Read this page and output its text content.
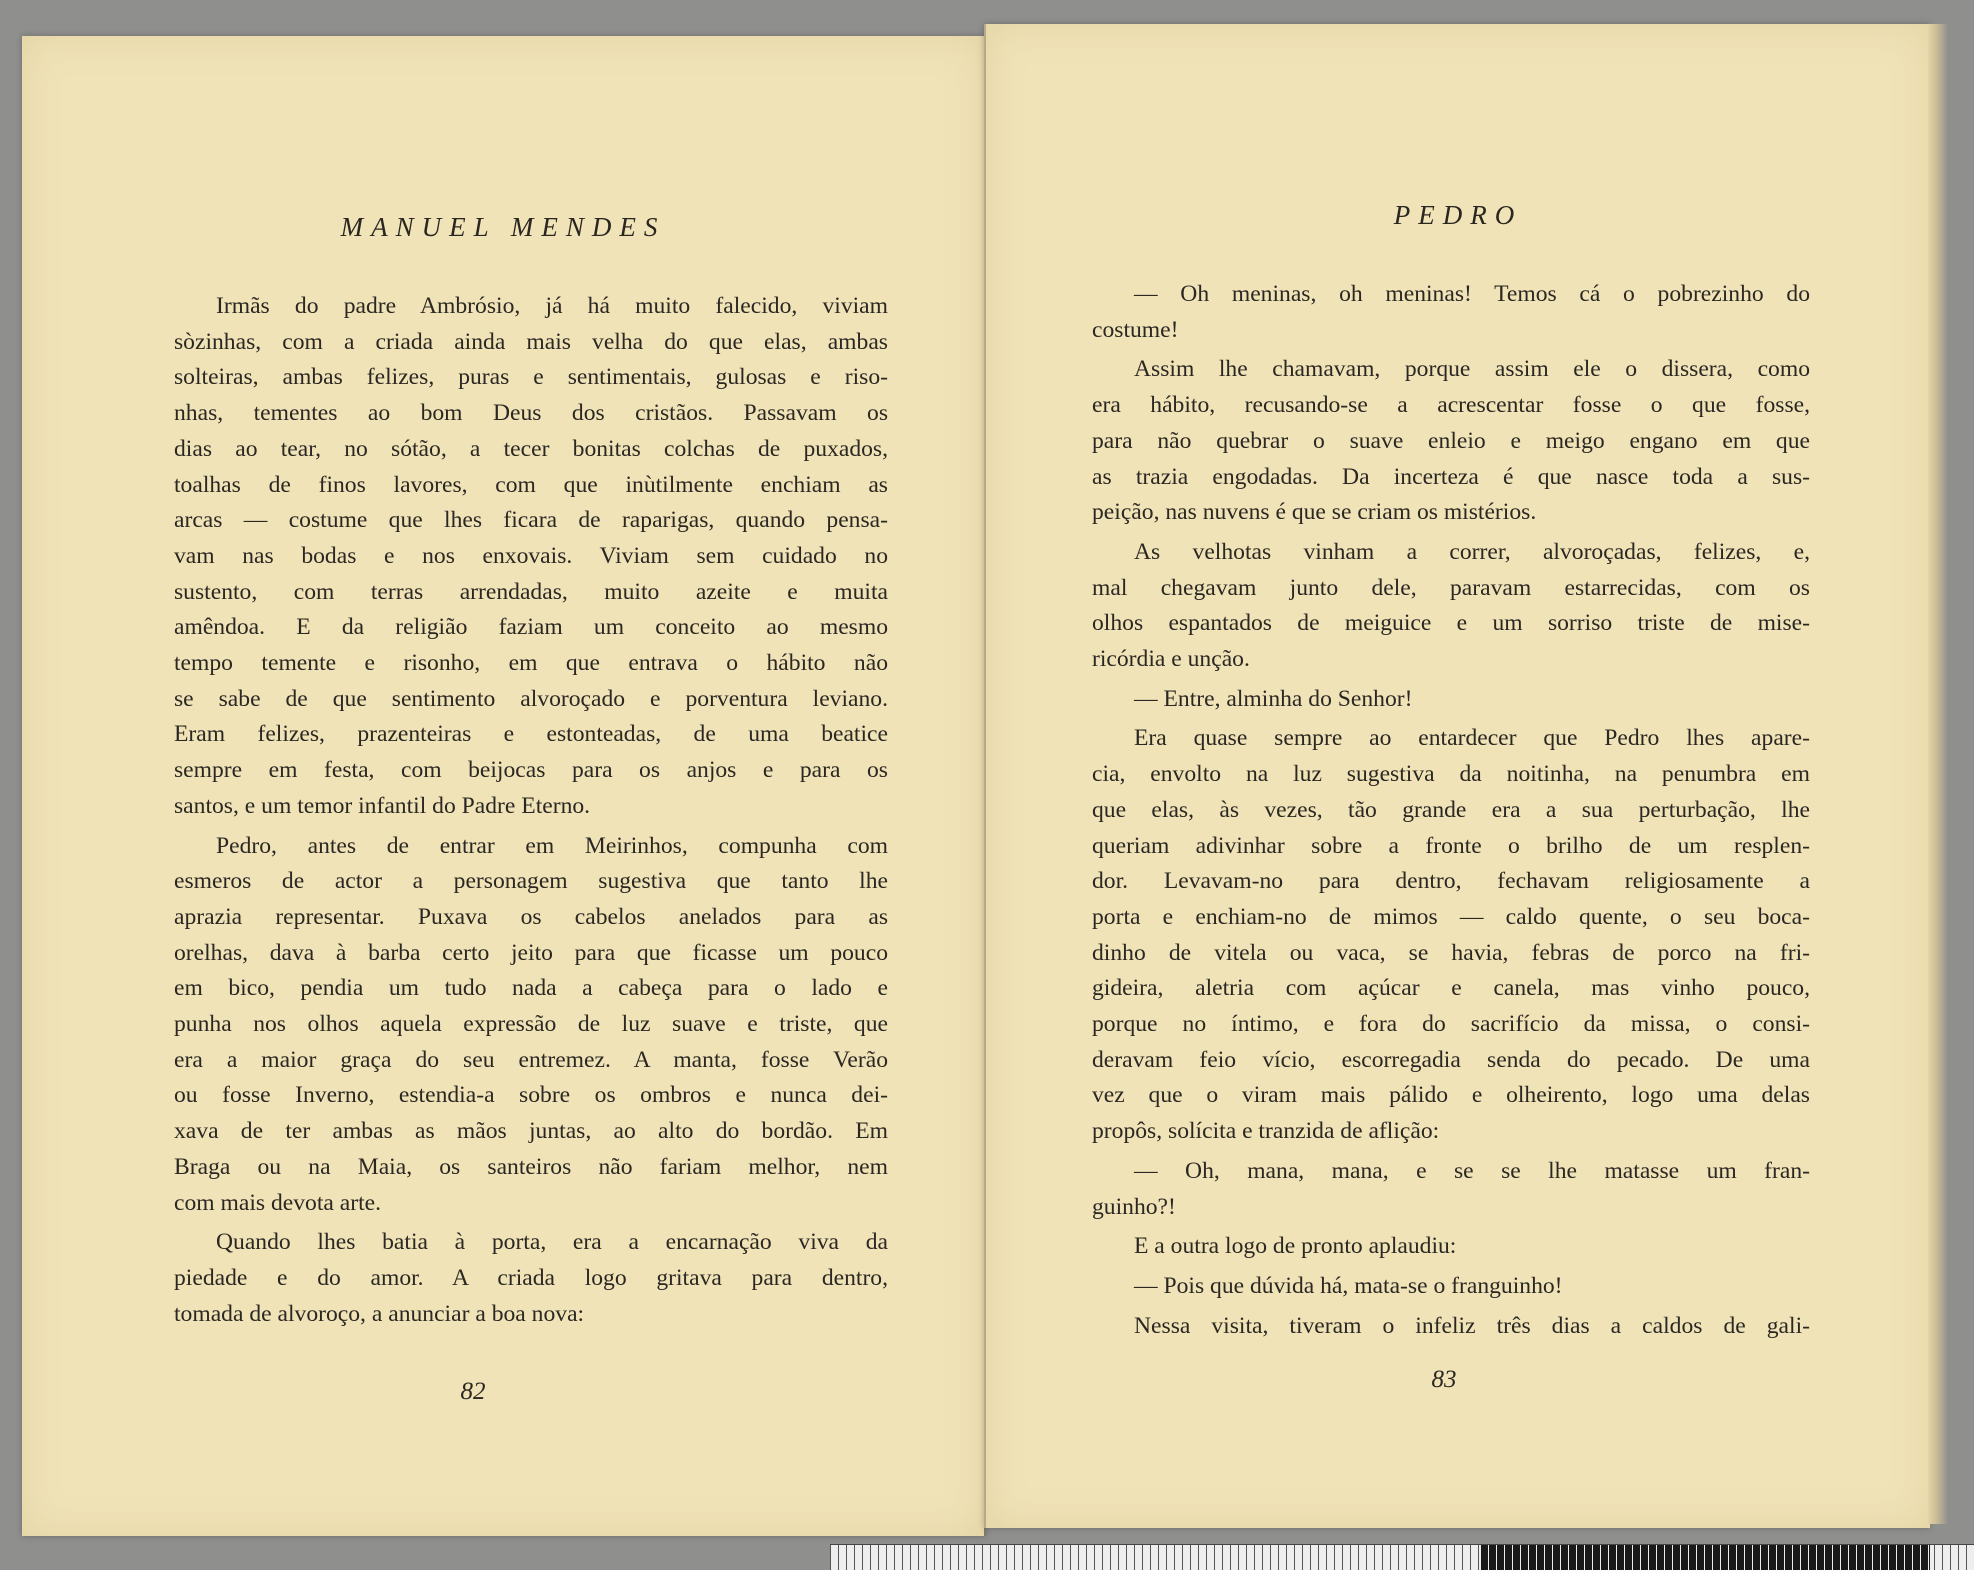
MANUEL MENDES

Irmãs do padre Ambrósio, já há muito falecido, viviam
sòzinhas, com a criada ainda mais velha do que elas, ambas
solteiras, ambas felizes, puras e sentimentais, gulosas e riso-
nhas, tementes ao bom Deus dos cristãos. Passavam os
dias ao tear, no sótão, a tecer bonitas colchas de puxados,
toalhas de finos lavores, com que inùtilmente enchiam as
arcas — costume que lhes ficara de raparigas, quando pensa-
vam nas bodas e nos enxovais. Viviam sem cuidado no
sustento, com terras arrendadas, muito azeite e muita
amêndoa. E da religião faziam um conceito ao mesmo
tempo temente e risonho, em que entrava o hábito não
se sabe de que sentimento alvoroçado e porventura leviano.
Eram felizes, prazenteiras e estonteadas, de uma beatice
sempre em festa, com beijocas para os anjos e para os
santos, e um temor infantil do Padre Eterno.

Pedro, antes de entrar em Meirinhos, compunha com
esmeros de actor a personagem sugestiva que tanto lhe
aprazia representar. Puxava os cabelos anelados para as
orelhas, dava à barba certo jeito para que ficasse um pouco
em bico, pendia um tudo nada a cabeça para o lado e
punha nos olhos aquela expressão de luz suave e triste, que
era a maior graça do seu entremez. A manta, fosse Verão
ou fosse Inverno, estendia-a sobre os ombros e nunca dei-
xava de ter ambas as mãos juntas, ao alto do bordão. Em
Braga ou na Maia, os santeiros não fariam melhor, nem
com mais devota arte.

Quando lhes batia à porta, era a encarnação viva da
piedade e do amor. A criada logo gritava para dentro,
tomada de alvoroço, a anunciar a boa nova:

82
PEDRO

— Oh meninas, oh meninas! Temos cá o pobrezinho do
costume!

Assim lhe chamavam, porque assim ele o dissera, como
era hábito, recusando-se a acrescentar fosse o que fosse,
para não quebrar o suave enleio e meigo engano em que
as trazia engodadas. Da incerteza é que nasce toda a sus-
peição, nas nuvens é que se criam os mistérios.

As velhotas vinham a correr, alvoroçadas, felizes, e,
mal chegavam junto dele, paravam estarrecidas, com os
olhos espantados de meiguice e um sorriso triste de mise-
ricórdia e unção.

— Entre, alminha do Senhor!

Era quase sempre ao entardecer que Pedro lhes apare-
cia, envolto na luz sugestiva da noitinha, na penumbra em
que elas, às vezes, tão grande era a sua perturbação, lhe
queriam adivinhar sobre a fronte o brilho de um resplen-
dor. Levavam-no para dentro, fechavam religiosamente a
porta e enchiam-no de mimos — caldo quente, o seu boca-
dinho de vitela ou vaca, se havia, febras de porco na fri-
gideira, aletria com açúcar e canela, mas vinho pouco,
porque no íntimo, e fora do sacrifício da missa, o consi-
deravam feio vício, escorregadia senda do pecado. De uma
vez que o viram mais pálido e olheirento, logo uma delas
propôs, solícita e tranzida de aflição:

— Oh, mana, mana, e se se lhe matasse um fran-
guinho?!

E a outra logo de pronto aplaudiu:

— Pois que dúvida há, mata-se o franguinho!

Nessa visita, tiveram o infeliz três dias a caldos de gali-

83
